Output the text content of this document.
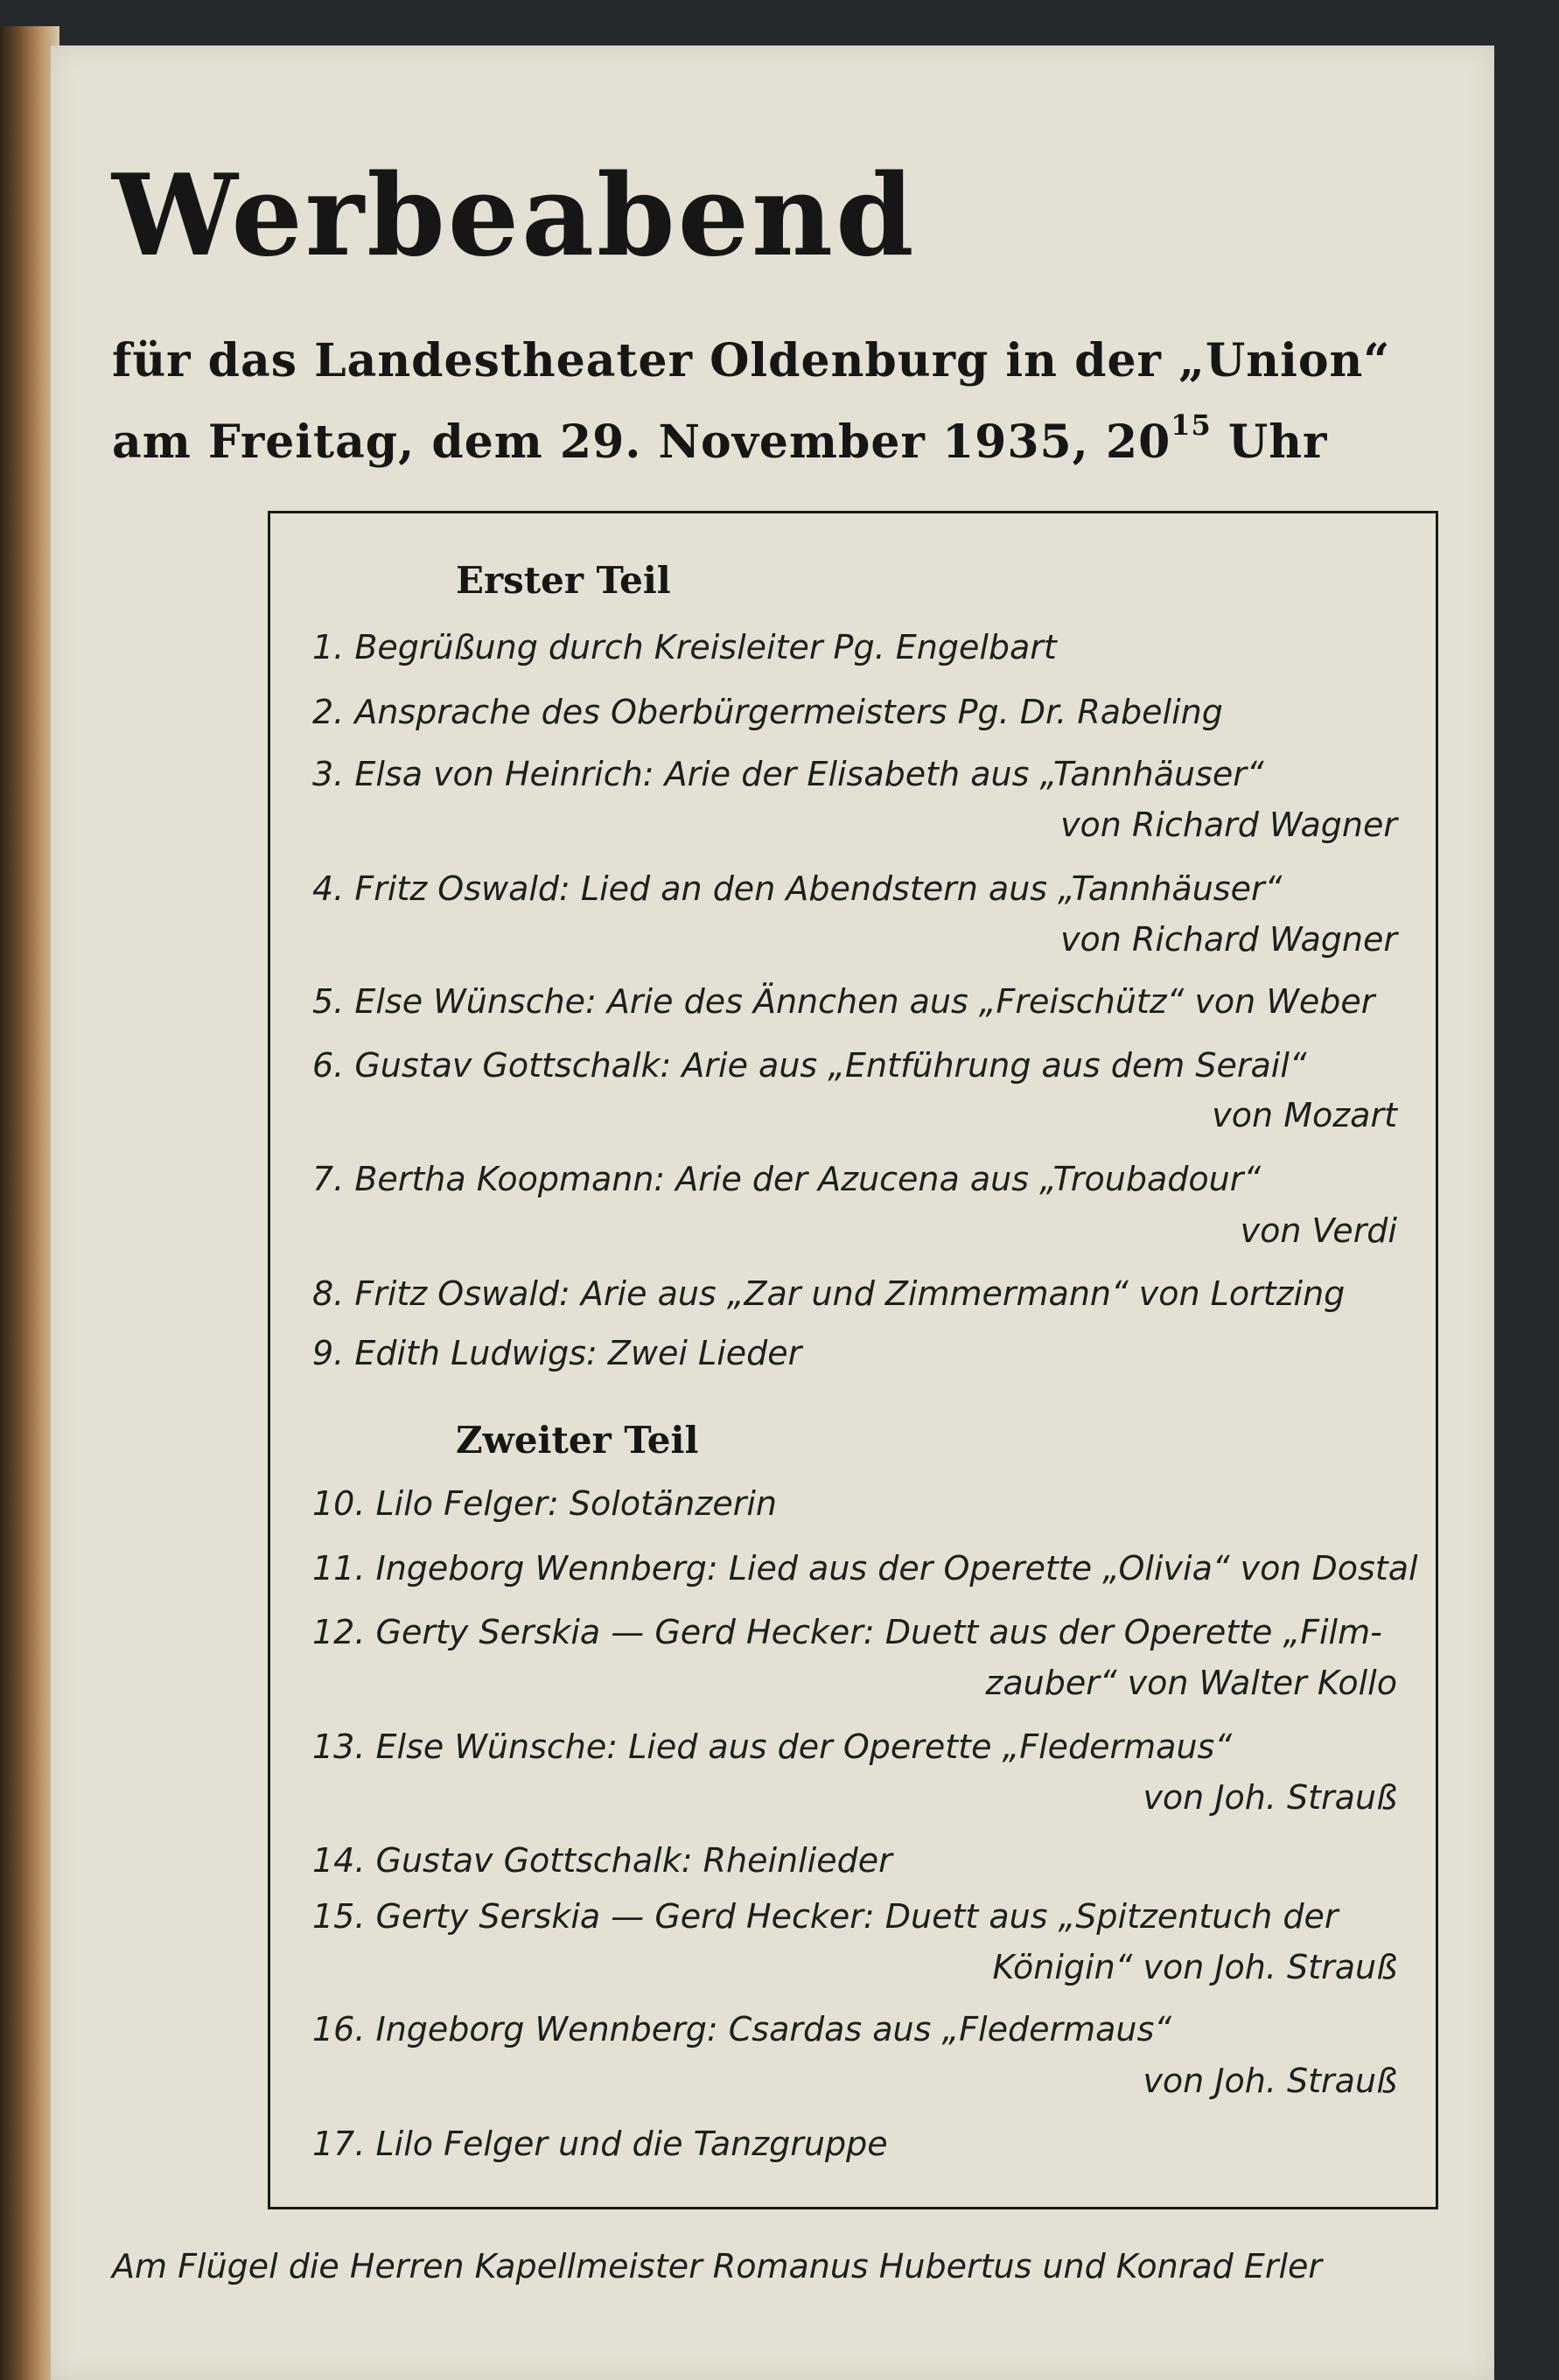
Werbeabend

für das Landestheater Oldenburg in der „Union“

am Freitag, dem 29. November 1935, $20^{15}$ Uhr

Erster Teil
1. Begrüßung durch Kreisleiter Pg. Engelbart
2. Ansprache des Oberbürgermeisters Pg. Dr. Rabeling
3. Elsa von Heinrich: Arie der Elisabeth aus „Tannhäuser“
von Richard Wagner
4. Fritz Oswald: Lied an den Abendstern aus „Tannhäuser“
von Richard Wagner
5. Else Wünsche: Arie des Ännchen aus „Freischütz“ von Weber
6. Gustav Gottschalk: Arie aus „Entführung aus dem Serail“
von Mozart
7. Bertha Koopmann: Arie der Azucena aus „Troubadour“
von Verdi
8. Fritz Oswald: Arie aus „Zar und Zimmermann“ von Lortzing
9. Edith Ludwigs: Zwei Lieder
Zweiter Teil
10. Lilo Felger: Solotänzerin
11. Ingeborg Wennberg: Lied aus der Operette „Olivia“ von Dostal
12. Gerty Serskia — Gerd Hecker: Duett aus der Operette „Film-
zauber“ von Walter Kollo
13. Else Wünsche: Lied aus der Operette „Fledermaus“
von Joh. Strauß
14. Gustav Gottschalk: Rheinlieder
15. Gerty Serskia — Gerd Hecker: Duett aus „Spitzentuch der
Königin“ von Joh. Strauß
16. Ingeborg Wennberg: Csardas aus „Fledermaus“
von Joh. Strauß
17. Lilo Felger und die Tanzgruppe
Am Flügel die Herren Kapellmeister Romanus Hubertus und Konrad Erler
